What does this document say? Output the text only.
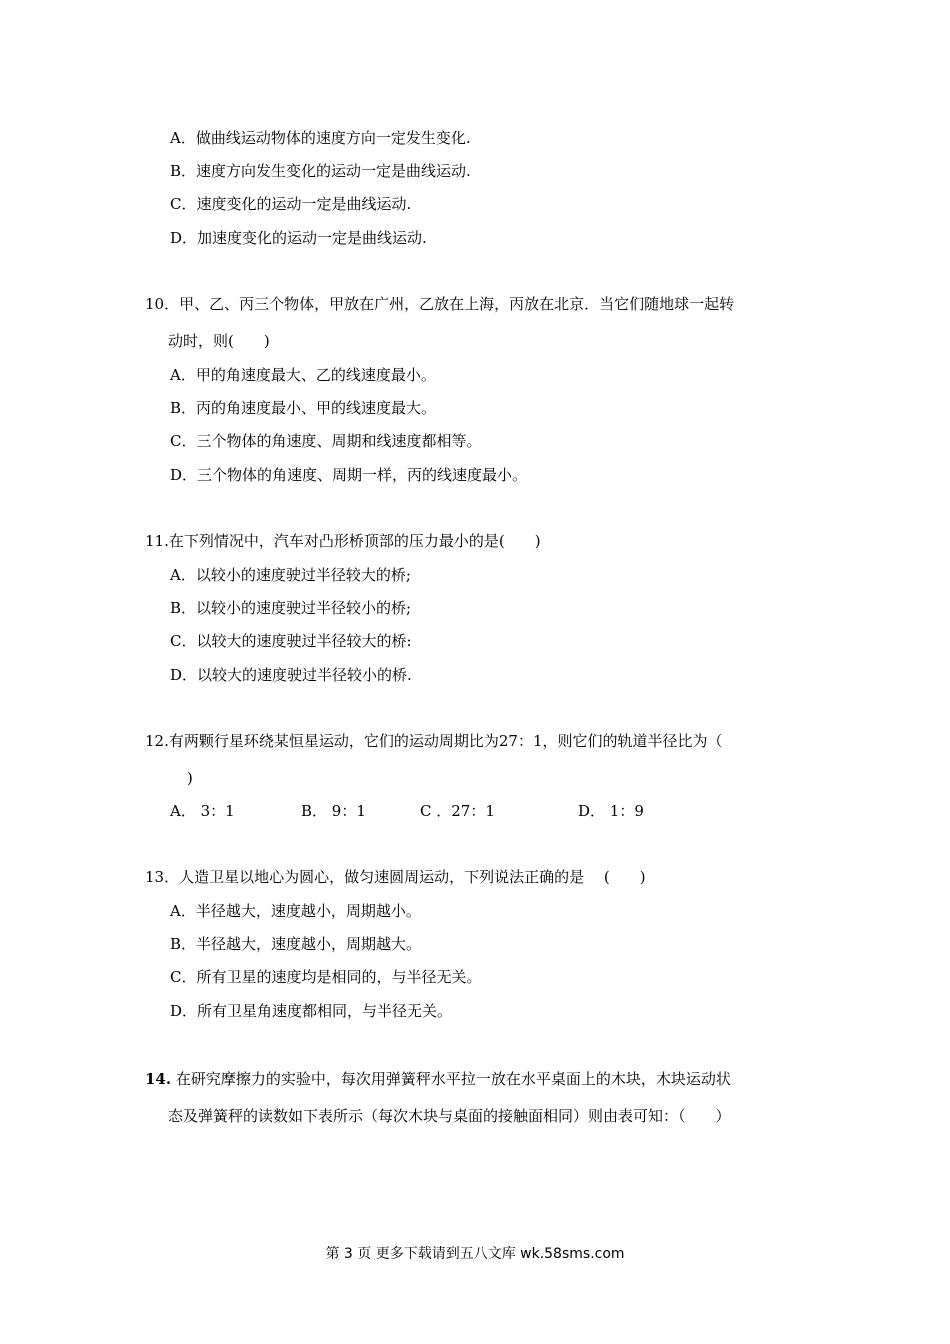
A．做曲线运动物体的速度方向一定发生变化.
B．速度方向发生变化的运动一定是曲线运动.
C．速度变化的运动一定是曲线运动.
D．加速度变化的运动一定是曲线运动.
10．甲、乙、丙三个物体，甲放在广州，乙放在上海，丙放在北京．当它们随地球一起转
动时，则(　　)
A．甲的角速度最大、乙的线速度最小。
B．丙的角速度最小、甲的线速度最大。
C．三个物体的角速度、周期和线速度都相等。
D．三个物体的角速度、周期一样，丙的线速度最小。
11.在下列情况中，汽车对凸形桥顶部的压力最小的是(　　)
A．以较小的速度驶过半径较大的桥;
B．以较小的速度驶过半径较小的桥;
C．以较大的速度驶过半径较大的桥:
D．以较大的速度驶过半径较小的桥.
12.有两颗行星环绕某恒星运动，它们的运动周期比为27：1，则它们的轨道半径比为（
)
A． 3：1	B． 9：1	C ．27：1	D． 1：9
13．人造卫星以地心为圆心，做匀速圆周运动，下列说法正确的是　 (　　)
A．半径越大，速度越小，周期越小。
B．半径越大，速度越小，周期越大。
C．所有卫星的速度均是相同的，与半径无关。
D．所有卫星角速度都相同，与半径无关。
14. 在研究摩擦力的实验中，每次用弹簧秤水平拉一放在水平桌面上的木块，木块运动状
态及弹簧秤的读数如下表所示（每次木块与桌面的接触面相同）则由表可知：（　　）
第 3 页 更多下载请到五八文库 wk.58sms.com
